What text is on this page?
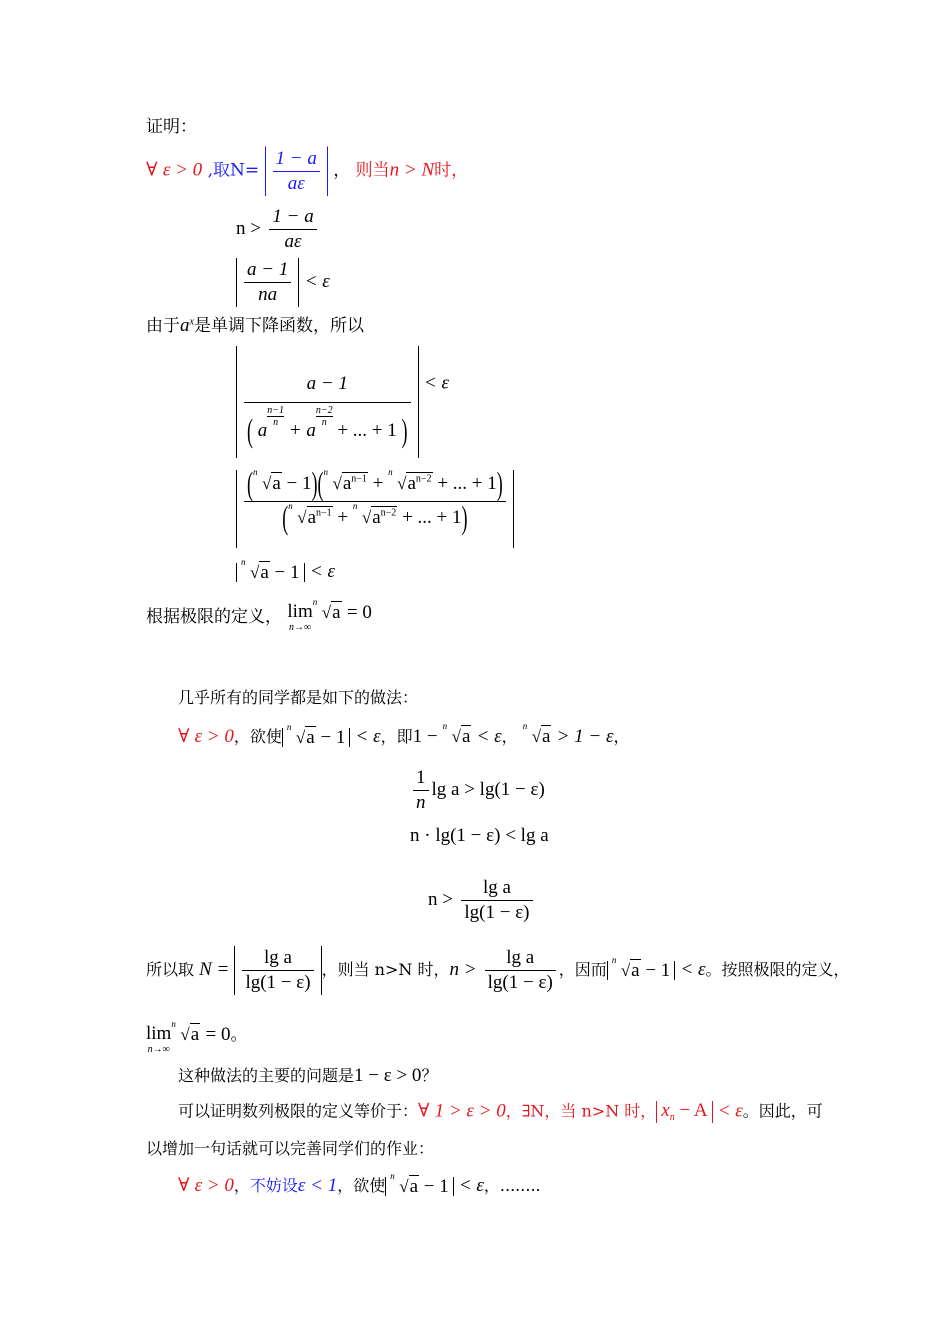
证明：
∀ ε > 0 ,取$N= \frac{1 - a}{a\varepsilon}$ ， 则当n > N时，
$n > \frac{1 - a}{a\varepsilon}$
$\frac{a - 1}{na} < \varepsilon$
由于$a^x$是单调下降函数，所以
a − 1
( a
$\frac{n-1}{n}$
+ a
$\frac{n-2}{n}$
+ ... + 1 ) < ε
( n
√a − 1)( n
$√a^{n-1}$ +
n
$√a^{n-2}$ + ... + 1)
( n
$√a^{n-1}$ +
n
$√a^{n-2}$ + ... + 1)
n
√a − 1 < ε
根据极限的定义， lim
n→∞
n
√a = 0
几乎所有的同学都是如下的做法：
∀ ε > 0，欲使 n
√a − 1 < ε，即1 − n
√a < ε，
n
√a > 1 − ε，
$\frac{1}{n}$ lg a > lg(1 − ε)
n · lg(1 − ε) < lg a
$n > \frac{\text{lg a}}{\lg(1 - \varepsilon)}$
所以取 $N = \frac{\text{lg a}}{\lg(1 - \varepsilon)}$ ，则当 n>N 时，$n > \frac{\text{lg a}}{\lg(1 - \varepsilon)}$ ，因而 n
√a − 1 < ε。按照极限的定义，
lim
n→∞
n
√a = 0。
这种做法的主要的问题是1 − ε > 0？
可以证明数列极限的定义等价于：∀ 1 > ε > 0，∃N，当 n>N 时， $x_n - A < \varepsilon$。因此，可
以增加一句话就可以完善同学们的作业：
∀ ε > 0，不妨设ε < 1，欲使 n
√a − 1 < ε，........
